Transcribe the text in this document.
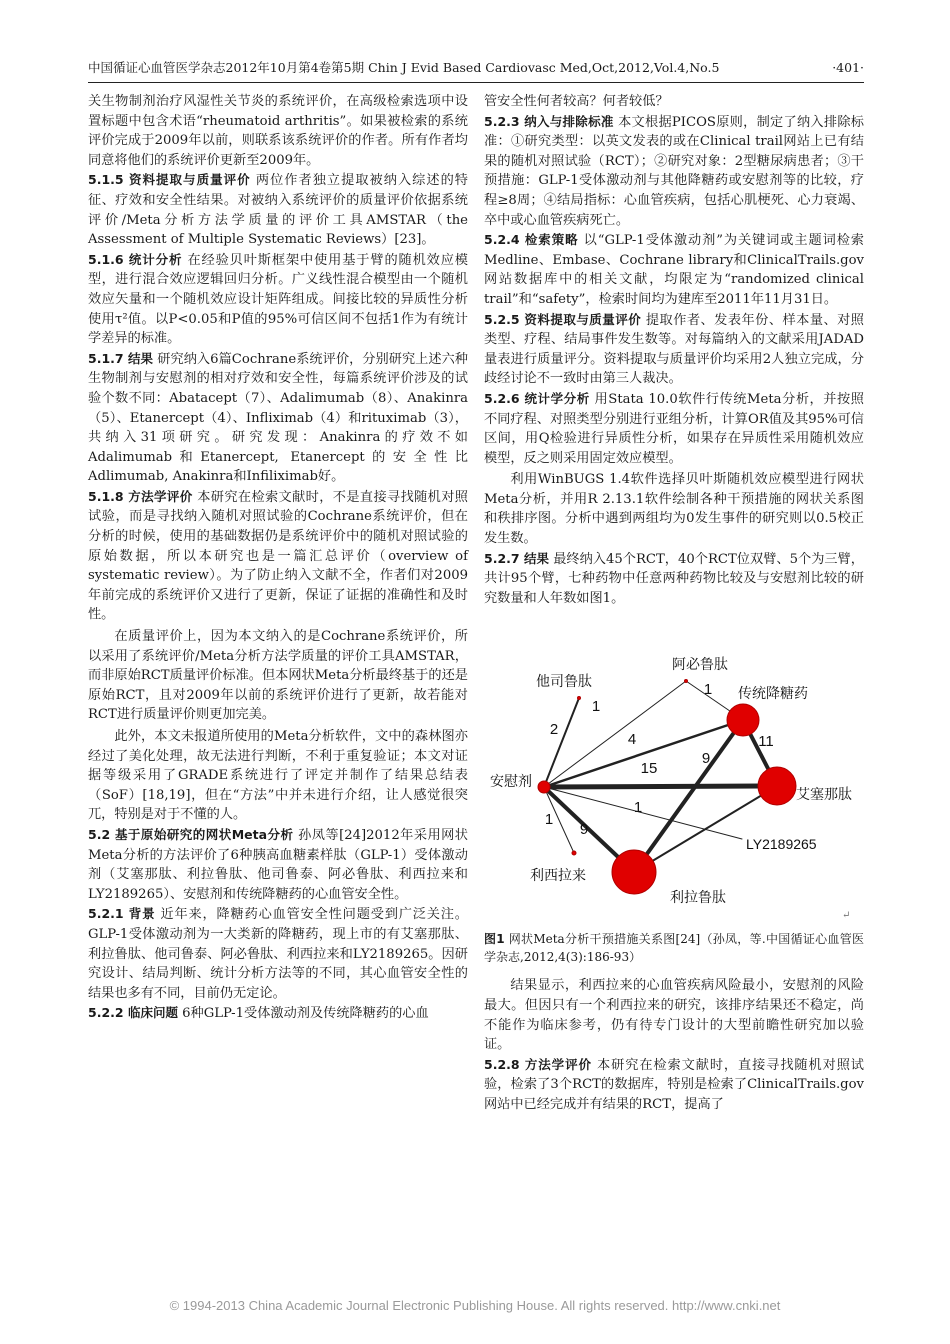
中国循证心血管医学杂志2012年10月第4卷第5期 Chin J Evid Based Cardiovasc Med,Oct,2012,Vol.4,No.5	·401·

关生物制剂治疗风湿性关节炎的系统评价，在高级检索选项中设置标题中包含术语“rheumatoid arthritis”。如果被检索的系统评价完成于2009年以前，则联系该系统评价的作者。所有作者均同意将他们的系统评价更新至2009年。

5.1.5 资料提取与质量评价 两位作者独立提取被纳入综述的特征、疗效和安全性结果。对被纳入系统评价的质量评价依据系统评价/Meta分析方法学质量的评价工具AMSTAR（the Assessment of Multiple Systematic Reviews）[23]。

5.1.6 统计分析 在经验贝叶斯框架中使用基于臂的随机效应模型，进行混合效应逻辑回归分析。广义线性混合模型由一个随机效应矢量和一个随机效应设计矩阵组成。间接比较的异质性分析使用τ²值。以P<0.05和P值的95%可信区间不包括1作为有统计学差异的标准。

5.1.7 结果 研究纳入6篇Cochrane系统评价，分别研究上述六种生物制剂与安慰剂的相对疗效和安全性，每篇系统评价涉及的试验个数不同：Abatacept（7）、Adalimumab（8）、Anakinra（5）、Etanercept（4）、Infliximab（4）和rituximab（3），共纳入31项研究。研究发现：Anakinra的疗效不如Adalimumab和Etanercept, Etanercept的安全性比Adlimumab, Anakinra和Infiliximab好。

5.1.8 方法学评价 本研究在检索文献时，不是直接寻找随机对照试验，而是寻找纳入随机对照试验的Cochrane系统评价，但在分析的时候，使用的基础数据仍是系统评价中的随机对照试验的原始数据，所以本研究也是一篇汇总评价（overview of systematic review）。为了防止纳入文献不全，作者们对2009年前完成的系统评价又进行了更新，保证了证据的准确性和及时性。

在质量评价上，因为本文纳入的是Cochrane系统评价，所以采用了系统评价/Meta分析方法学质量的评价工具AMSTAR，而非原始RCT质量评价标准。但本网状Meta分析最终基于的还是原始RCT，且对2009年以前的系统评价进行了更新，故若能对RCT进行质量评价则更加完美。

此外，本文未报道所使用的Meta分析软件，文中的森林图亦经过了美化处理，故无法进行判断，不利于重复验证；本文对证据等级采用了GRADE系统进行了评定并制作了结果总结表（SoF）[18,19]，但在“方法”中并未进行介绍，让人感觉很突兀，特别是对于不懂的人。

5.2 基于原始研究的网状Meta分析 孙凤等[24]2012年采用网状Meta分析的方法评价了6种胰高血糖素样肽（GLP-1）受体激动剂（艾塞那肽、利拉鲁肽、他司鲁泰、阿必鲁肽、利西拉来和LY2189265）、安慰剂和传统降糖药的心血管安全性。

5.2.1 背景 近年来，降糖药心血管安全性问题受到广泛关注。GLP-1受体激动剂为一大类新的降糖药，现上市的有艾塞那肽、利拉鲁肽、他司鲁泰、阿必鲁肽、利西拉来和LY2189265。因研究设计、结局判断、统计分析方法等的不同，其心血管安全性的结果也多有不同，目前仍无定论。

5.2.2 临床问题 6种GLP-1受体激动剂及传统降糖药的心血

管安全性何者较高？何者较低？

5.2.3 纳入与排除标准 本文根据PICOS原则，制定了纳入排除标准：①研究类型：以英文发表的或在Clinical trail网站上已有结果的随机对照试验（RCT）；②研究对象：2型糖尿病患者；③干预措施：GLP-1受体激动剂与其他降糖药或安慰剂等的比较，疗程≥8周；④结局指标：心血管疾病，包括心肌梗死、心力衰竭、卒中或心血管疾病死亡。

5.2.4 检索策略 以“GLP-1受体激动剂”为关键词或主题词检索Medline、Embase、Cochrane library和ClinicalTrails.gov网站数据库中的相关文献，均限定为“randomized clinical trail”和“safety”，检索时间均为建库至2011年11月31日。

5.2.5 资料提取与质量评价 提取作者、发表年份、样本量、对照类型、疗程、结局事件发生数等。对每篇纳入的文献采用JADAD量表进行质量评分。资料提取与质量评价均采用2人独立完成，分歧经讨论不一致时由第三人裁决。

5.2.6 统计学分析 用Stata 10.0软件行传统Meta分析，并按照不同疗程、对照类型分别进行亚组分析，计算OR值及其95%可信区间，用Q检验进行异质性分析，如果存在异质性采用随机效应模型，反之则采用固定效应模型。

利用WinBUGS 1.4软件选择贝叶斯随机效应模型进行网状Meta分析，并用R 2.13.1软件绘制各种干预措施的网状关系图和秩排序图。分析中遇到两组均为0发生事件的研究则以0.5校正发生数。

5.2.7 结果 最终纳入45个RCT，40个RCT位双臂、5个为三臂，共计95个臂，七种药物中任意两种药物比较及与安慰剂比较的研究数量和人年数如图1。

2
1
4
1
9
11
15
1
1
9
安慰剂
他司鲁肽
阿必鲁肽
传统降糖药
艾塞那肽
利西拉来
利拉鲁肽
LY2189265
↵
图1 网状Meta分析干预措施关系图[24]（孙凤，等.中国循证心血管医学杂志,2012,4(3):186-93）

结果显示，利西拉来的心血管疾病风险最小，安慰剂的风险最大。但因只有一个利西拉来的研究，该排序结果还不稳定，尚不能作为临床参考，仍有待专门设计的大型前瞻性研究加以验证。

5.2.8 方法学评价 本研究在检索文献时，直接寻找随机对照试验，检索了3个RCT的数据库，特别是检索了ClinicalTrails.gov网站中已经完成并有结果的RCT，提高了

© 1994-2013 China Academic Journal Electronic Publishing House. All rights reserved. http://www.cnki.net
